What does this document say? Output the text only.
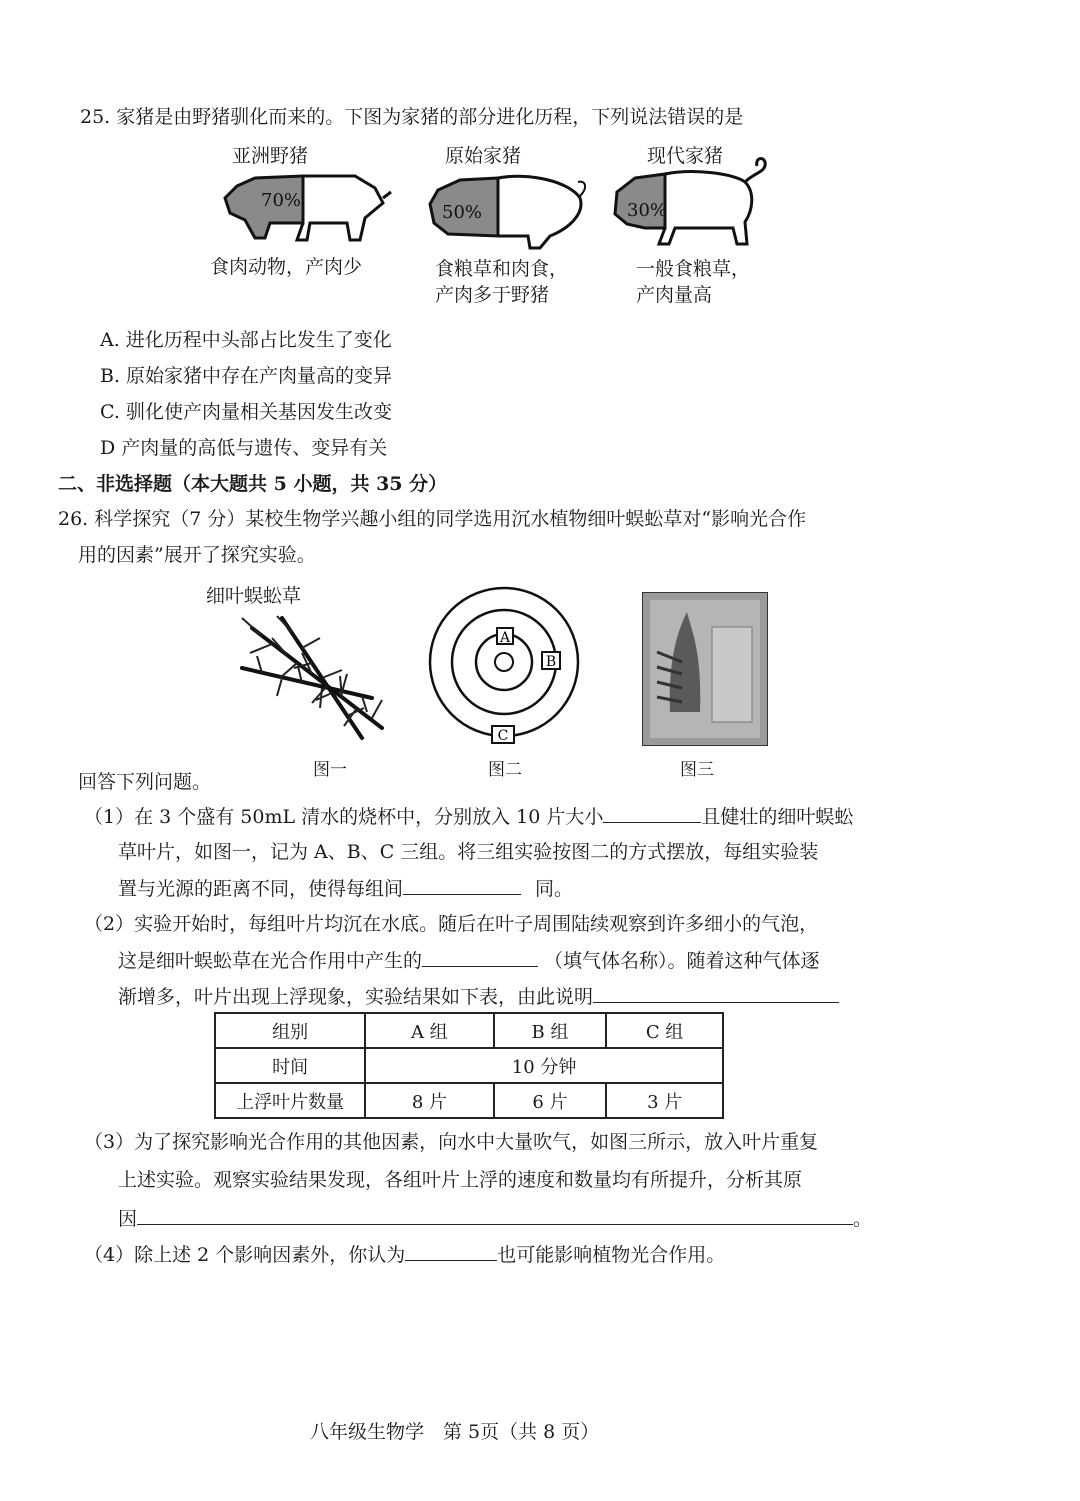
25. 家猪是由野猪驯化而来的。下图为家猪的部分进化历程，下列说法错误的是
亚洲野猪	原始家猪	现代家猪
70%
50%	30%
食肉动物，产肉少	食粮草和肉食，
产肉多于野猪
一般食粮草，
产肉量高
A. 进化历程中头部占比发生了变化
B. 原始家猪中存在产肉量高的变异
C. 驯化使产肉量相关基因发生改变
D 产肉量的高低与遗传、变异有关
二、非选择题（本大题共 5 小题，共 35 分）
26. 科学探究（7 分）某校生物学兴趣小组的同学选用沉水植物细叶蜈蚣草对“影响光合作
用的因素”展开了探究实验。
细叶蜈蚣草
A
B
C
图一	图二	图三
回答下列问题。
（1）在 3 个盛有 50mL 清水的烧杯中，分别放入 10 片大小	且健壮的细叶蜈蚣
草叶片，如图一，记为 A、B、C 三组。将三组实验按图二的方式摆放，每组实验装
置与光源的距离不同，使得每组间	同。
（2）实验开始时，每组叶片均沉在水底。随后在叶子周围陆续观察到许多细小的气泡，
这是细叶蜈蚣草在光合作用中产生的	（填气体名称）。随着这种气体逐
渐增多，叶片出现上浮现象，实验结果如下表，由此说明
组别	A 组	B 组	C 组
时间	10 分钟		
上浮叶片数量	8 片	6 片	3 片
（3）为了探究影响光合作用的其他因素，向水中大量吹气，如图三所示，放入叶片重复
上述实验。观察实验结果发现，各组叶片上浮的速度和数量均有所提升，分析其原
因	。
（4）除上述 2 个影响因素外，你认为	也可能影响植物光合作用。
八年级生物学　第 5页（共 8 页）
